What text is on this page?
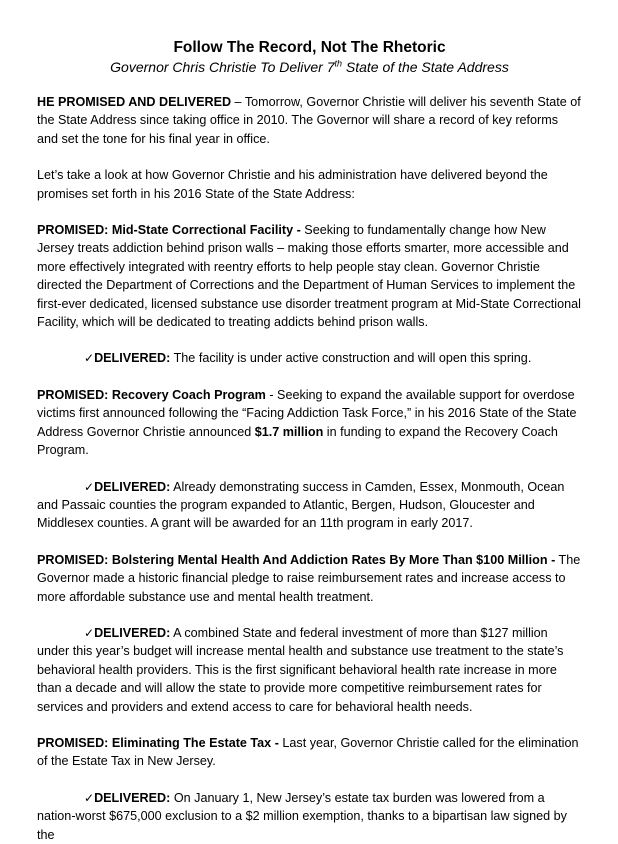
Follow The Record, Not The Rhetoric

Governor Chris Christie To Deliver 7th State of the State Address

HE PROMISED AND DELIVERED – Tomorrow, Governor Christie will deliver his seventh State of the State Address since taking office in 2010. The Governor will share a record of key reforms and set the tone for his final year in office.

Let’s take a look at how Governor Christie and his administration have delivered beyond the promises set forth in his 2016 State of the State Address:

PROMISED: Mid-State Correctional Facility - Seeking to fundamentally change how New Jersey treats addiction behind prison walls – making those efforts smarter, more accessible and more effectively integrated with reentry efforts to help people stay clean. Governor Christie directed the Department of Corrections and the Department of Human Services to implement the first-ever dedicated, licensed substance use disorder treatment program at Mid-State Correctional Facility, which will be dedicated to treating addicts behind prison walls.

✓DELIVERED: The facility is under active construction and will open this spring.

PROMISED: Recovery Coach Program - Seeking to expand the available support for overdose victims first announced following the “Facing Addiction Task Force,” in his 2016 State of the State Address Governor Christie announced $1.7 million in funding to expand the Recovery Coach Program.

✓DELIVERED: Already demonstrating success in Camden, Essex, Monmouth, Ocean and Passaic counties the program expanded to Atlantic, Bergen, Hudson, Gloucester and Middlesex counties. A grant will be awarded for an 11th program in early 2017.

PROMISED: Bolstering Mental Health And Addiction Rates By More Than $100 Million - The Governor made a historic financial pledge to raise reimbursement rates and increase access to more affordable substance use and mental health treatment.

✓DELIVERED: A combined State and federal investment of more than $127 million under this year’s budget will increase mental health and substance use treatment to the state’s behavioral health providers. This is the first significant behavioral health rate increase in more than a decade and will allow the state to provide more competitive reimbursement rates for services and providers and extend access to care for behavioral health needs.

PROMISED: Eliminating The Estate Tax - Last year, Governor Christie called for the elimination of the Estate Tax in New Jersey.

✓DELIVERED: On January 1, New Jersey’s estate tax burden was lowered from a nation-worst $675,000 exclusion to a $2 million exemption, thanks to a bipartisan law signed by the
